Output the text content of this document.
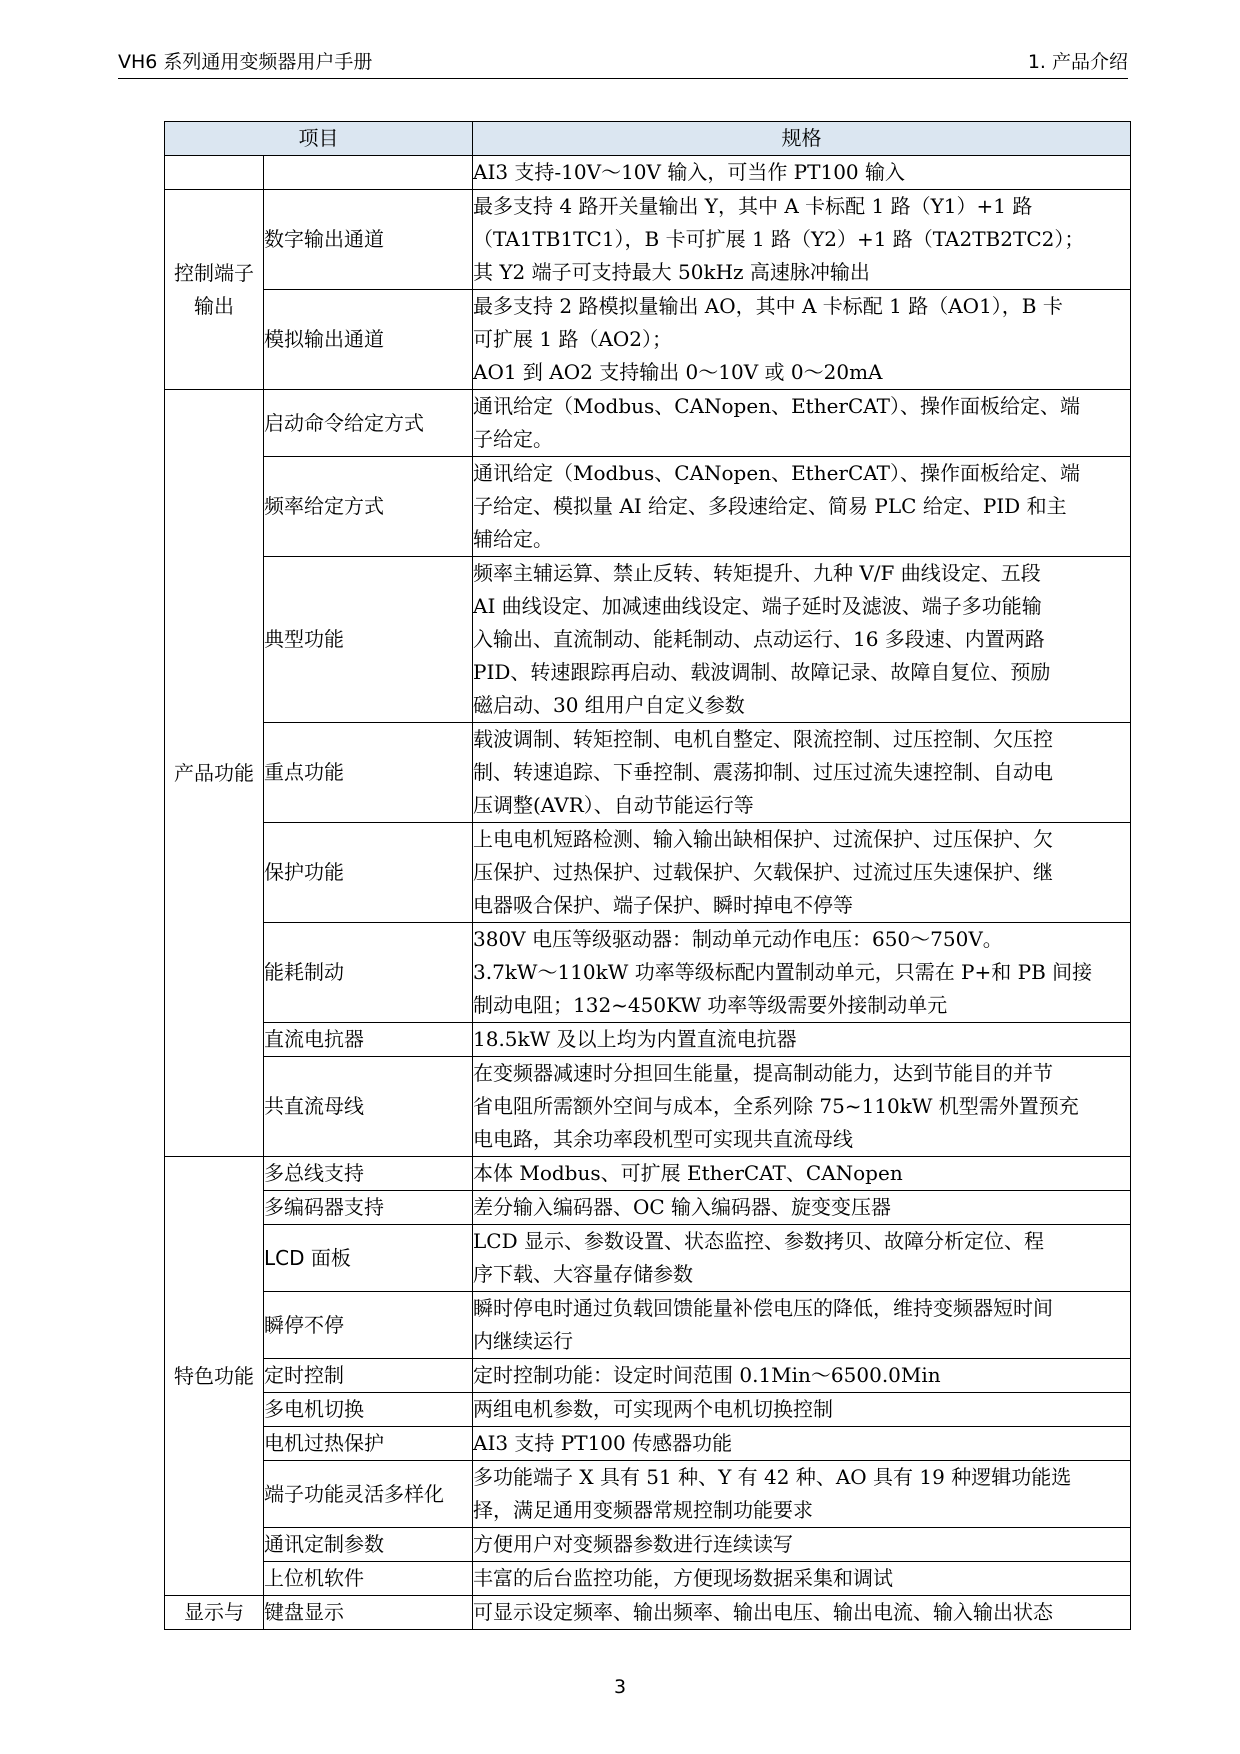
VH6 系列通用变频器用户手册	1. 产品介绍
项目		规格

		AI3 支持-10V～10V 输入，可当作 PT100 输入

控制端子输出	数字输出通道	最多支持 4 路开关量输出 Y，其中 A 卡标配 1 路（Y1）+1 路
（TA1TB1TC1），B 卡可扩展 1 路（Y2）+1 路（TA2TB2TC2）；
其 Y2 端子可支持最大 50kHz 高速脉冲输出

	模拟输出通道	最多支持 2 路模拟量输出 AO，其中 A 卡标配 1 路（AO1），B 卡
可扩展 1 路（AO2）；
AO1 到 AO2 支持输出 0～10V 或 0～20mA

产品功能	启动命令给定方式	通讯给定（Modbus、CANopen、EtherCAT）、操作面板给定、端
子给定。

	频率给定方式	通讯给定（Modbus、CANopen、EtherCAT）、操作面板给定、端
子给定、模拟量 AI 给定、多段速给定、简易 PLC 给定、PID 和主
辅给定。

	典型功能	频率主辅运算、禁止反转、转矩提升、九种 V/F 曲线设定、五段
AI 曲线设定、加减速曲线设定、端子延时及滤波、端子多功能输
入输出、直流制动、能耗制动、点动运行、16 多段速、内置两路
PID、转速跟踪再启动、载波调制、故障记录、故障自复位、预励
磁启动、30 组用户自定义参数

	重点功能	载波调制、转矩控制、电机自整定、限流控制、过压控制、欠压控
制、转速追踪、下垂控制、震荡抑制、过压过流失速控制、自动电
压调整(AVR）、自动节能运行等

	保护功能	上电电机短路检测、输入输出缺相保护、过流保护、过压保护、欠
压保护、过热保护、过载保护、欠载保护、过流过压失速保护、继
电器吸合保护、端子保护、瞬时掉电不停等

	能耗制动	380V 电压等级驱动器：制动单元动作电压：650～750V。
3.7kW～110kW 功率等级标配内置制动单元，只需在 P+和 PB 间接
制动电阻；132~450KW 功率等级需要外接制动单元

	直流电抗器	18.5kW 及以上均为内置直流电抗器

	共直流母线	在变频器减速时分担回生能量，提高制动能力，达到节能目的并节
省电阻所需额外空间与成本，全系列除 75~110kW 机型需外置预充
电电路，其余功率段机型可实现共直流母线

特色功能	多总线支持	本体 Modbus、可扩展 EtherCAT、CANopen

	多编码器支持	差分输入编码器、OC 输入编码器、旋变变压器

	LCD 面板	LCD 显示、参数设置、状态监控、参数拷贝、故障分析定位、程
序下载、大容量存储参数

	瞬停不停	瞬时停电时通过负载回馈能量补偿电压的降低，维持变频器短时间
内继续运行

	定时控制	定时控制功能：设定时间范围 0.1Min～6500.0Min

	多电机切换	两组电机参数，可实现两个电机切换控制

	电机过热保护	AI3 支持 PT100 传感器功能

	端子功能灵活多样化	多功能端子 X 具有 51 种、Y 有 42 种、AO 具有 19 种逻辑功能选
择，满足通用变频器常规控制功能要求

	通讯定制参数	方便用户对变频器参数进行连续读写

	上位机软件	丰富的后台监控功能，方便现场数据采集和调试

显示与	键盘显示	可显示设定频率、输出频率、输出电压、输出电流、输入输出状态
3
